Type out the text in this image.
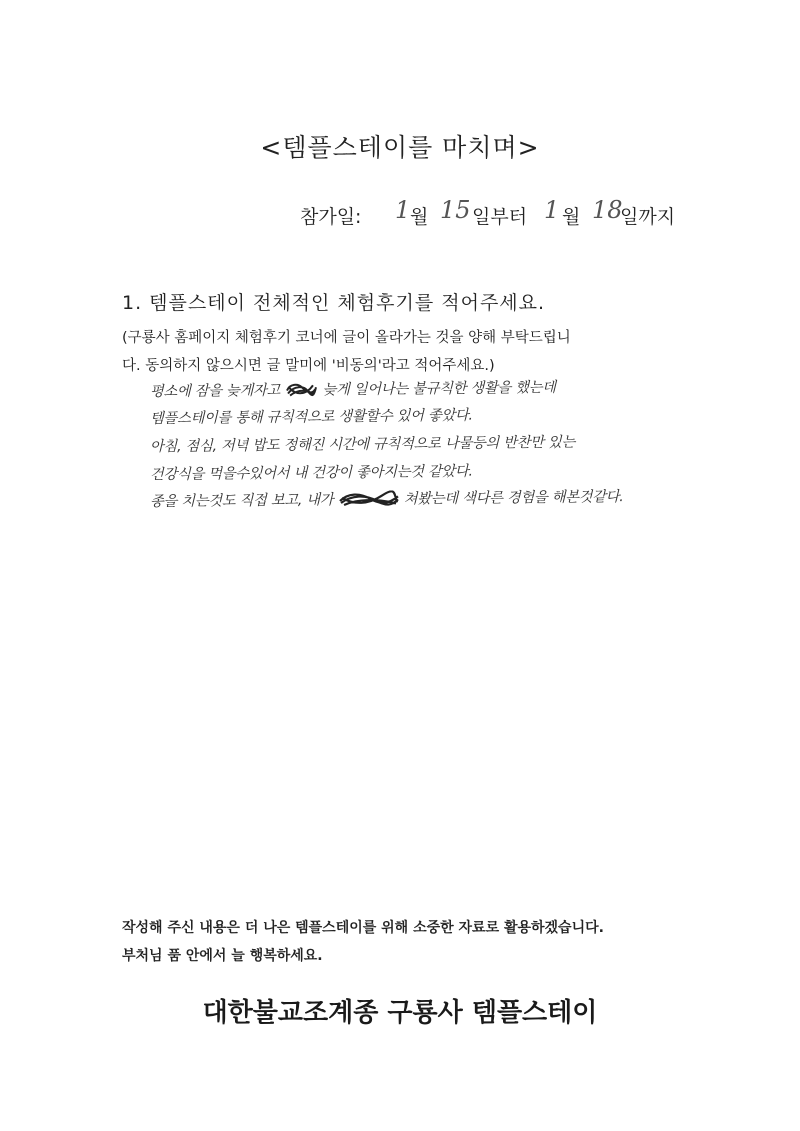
<템플스테이를 마치며>
참가일: 1 월 15 일부터 1 월 18
일까지
1. 템플스테이 전체적인 체험후기를 적어주세요.
(구룡사 홈페이지 체험후기 코너에 글이 올라가는 것을 양해 부탁드립니
다. 동의하지 않으시면 글 말미에 '비동의'라고 적어주세요.)
평소에 잠을 늦게자고	늦게 일어나는 불규칙한 생활을 했는데
템플스테이를 통해 규칙적으로 생활할수 있어 좋았다.
아침, 점심, 저녁 밥도 정해진 시간에 규칙적으로 나물등의 반찬만 있는
건강식을 먹을수있어서 내 건강이 좋아지는것 같았다.
종을 치는것도 직접 보고, 내가	쳐봤는데 색다른 경험을 해본것같다.
작성해 주신 내용은 더 나은 템플스테이를 위해 소중한 자료로 활용하겠습니다.
부처님 품 안에서 늘 행복하세요.
대한불교조계종 구룡사 템플스테이
